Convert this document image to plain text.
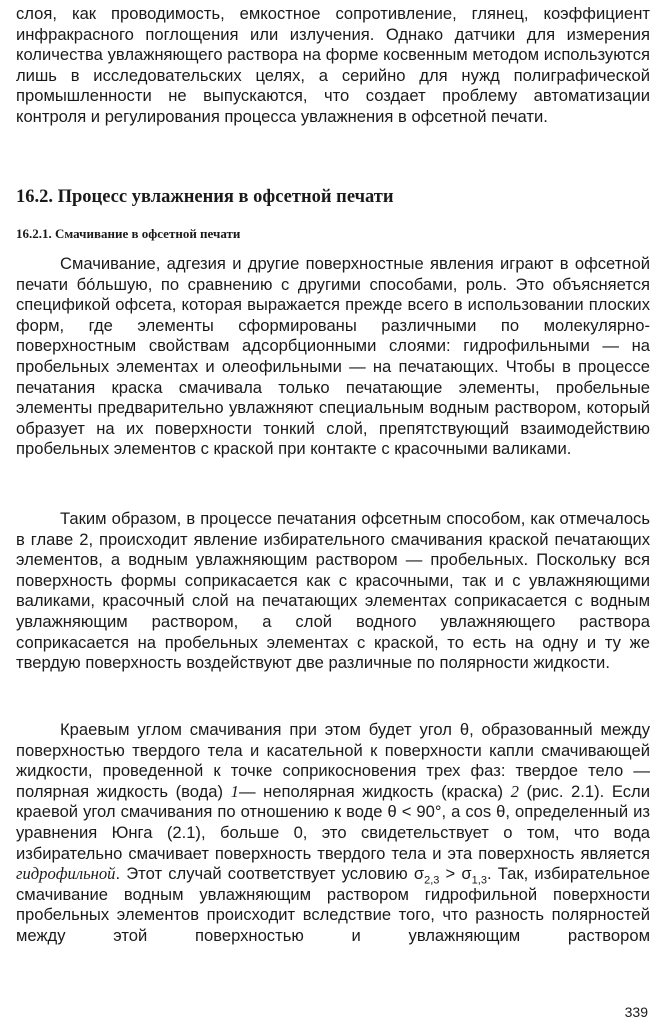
слоя, как проводимость, емкостное сопротивление, глянец, коэффициент инфракрасного поглощения или излучения. Однако датчики для измерения количества увлажняющего раствора на форме косвенным методом используются лишь в исследовательских целях, а серийно для нужд полиграфической промышленности не выпускаются, что создает проблему автоматизации контроля и регулирования процесса увлажнения в офсетной печати.

16.2. Процесс увлажнения в офсетной печати
16.2.1. Смачивание в офсетной печати

Смачивание, адгезия и другие поверхностные явления играют в офсетной печати бóльшую, по сравнению с другими способами, роль. Это объясняется спецификой офсета, которая выражается прежде всего в использовании плоских форм, где элементы сформированы различными по молекулярно-поверхностным свойствам адсорбционными слоями: гидрофильными — на пробельных элементах и олеофильными — на печатающих. Чтобы в процессе печатания краска смачивала только печатающие элементы, пробельные элементы предварительно увлажняют специальным водным раствором, который образует на их поверхности тонкий слой, препятствующий взаимодействию пробельных элементов с краской при контакте с красочными валиками.

Таким образом, в процессе печатания офсетным способом, как отмечалось в главе 2, происходит явление избирательного смачивания краской печатающих элементов, а водным увлажняющим раствором — пробельных. Поскольку вся поверхность формы соприкасается как с красочными, так и с увлажняющими валиками, красочный слой на печатающих элементах соприкасается с водным увлажняющим раствором, а слой водного увлажняющего раствора соприкасается на пробельных элементах с краской, то есть на одну и ту же твердую поверхность воздействуют две различные по полярности жидкости.

Краевым углом смачивания при этом будет угол θ, образованный между поверхностью твердого тела и касательной к поверхности капли смачивающей жидкости, проведенной к точке соприкосновения трех фаз: твердое тело — полярная жидкость (вода) 1— неполярная жидкость (краска) 2 (рис. 2.1). Если краевой угол смачивания по отношению к воде θ < 90°, а cos θ, определенный из уравнения Юнга (2.1), больше 0, это свидетельствует о том, что вода избирательно смачивает поверхность твердого тела и эта поверхность является гидрофильной. Этот случай соответствует условию $\sigma_{2,3} > \sigma_{1,3}$. Так, избирательное смачивание водным увлажняющим раствором гидрофильной поверхности пробельных элементов происходит вследствие того, что разность полярностей между этой поверхностью и увлажняющим раствором

339
